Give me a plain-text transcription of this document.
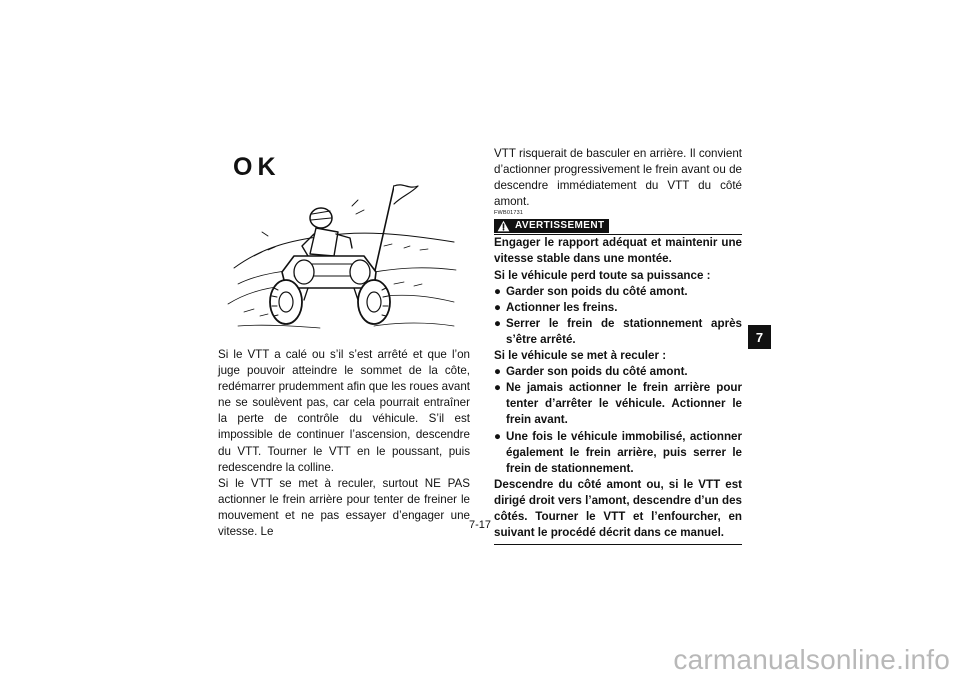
OK

Si le VTT a calé ou s’il s’est arrêté et que l’on juge pouvoir atteindre le sommet de la côte, redémarrer prudemment afin que les roues avant ne se soulèvent pas, car cela pourrait entraîner la perte de contrôle du véhicule. S’il est impossible de continuer l’ascension, descendre du VTT. Tourner le VTT en le poussant, puis redescendre la colline.

Si le VTT se met à reculer, surtout NE PAS actionner le frein arrière pour tenter de freiner le mouvement et ne pas essayer d’engager une vitesse. Le

VTT risquerait de basculer en arrière. Il convient d’actionner progressivement le frein avant ou de descendre immédiatement du VTT du côté amont.

FWB01731
AVERTISSEMENT

Engager le rapport adéquat et maintenir une vitesse stable dans une montée.

Si le véhicule perd toute sa puissance :

● Garder son poids du côté amont.
● Actionner les freins.
● Serrer le frein de stationnement après s’être arrêté.

Si le véhicule se met à reculer :

● Garder son poids du côté amont.
● Ne jamais actionner le frein arrière pour tenter d’arrêter le véhicule. Actionner le frein avant.
● Une fois le véhicule immobilisé, actionner également le frein arrière, puis serrer le frein de stationnement.

Descendre du côté amont ou, si le VTT est dirigé droit vers l’amont, descendre d’un des côtés. Tourner le VTT et l’enfourcher, en suivant le procédé décrit dans ce manuel.

7
7-17
carmanualsonline.info
